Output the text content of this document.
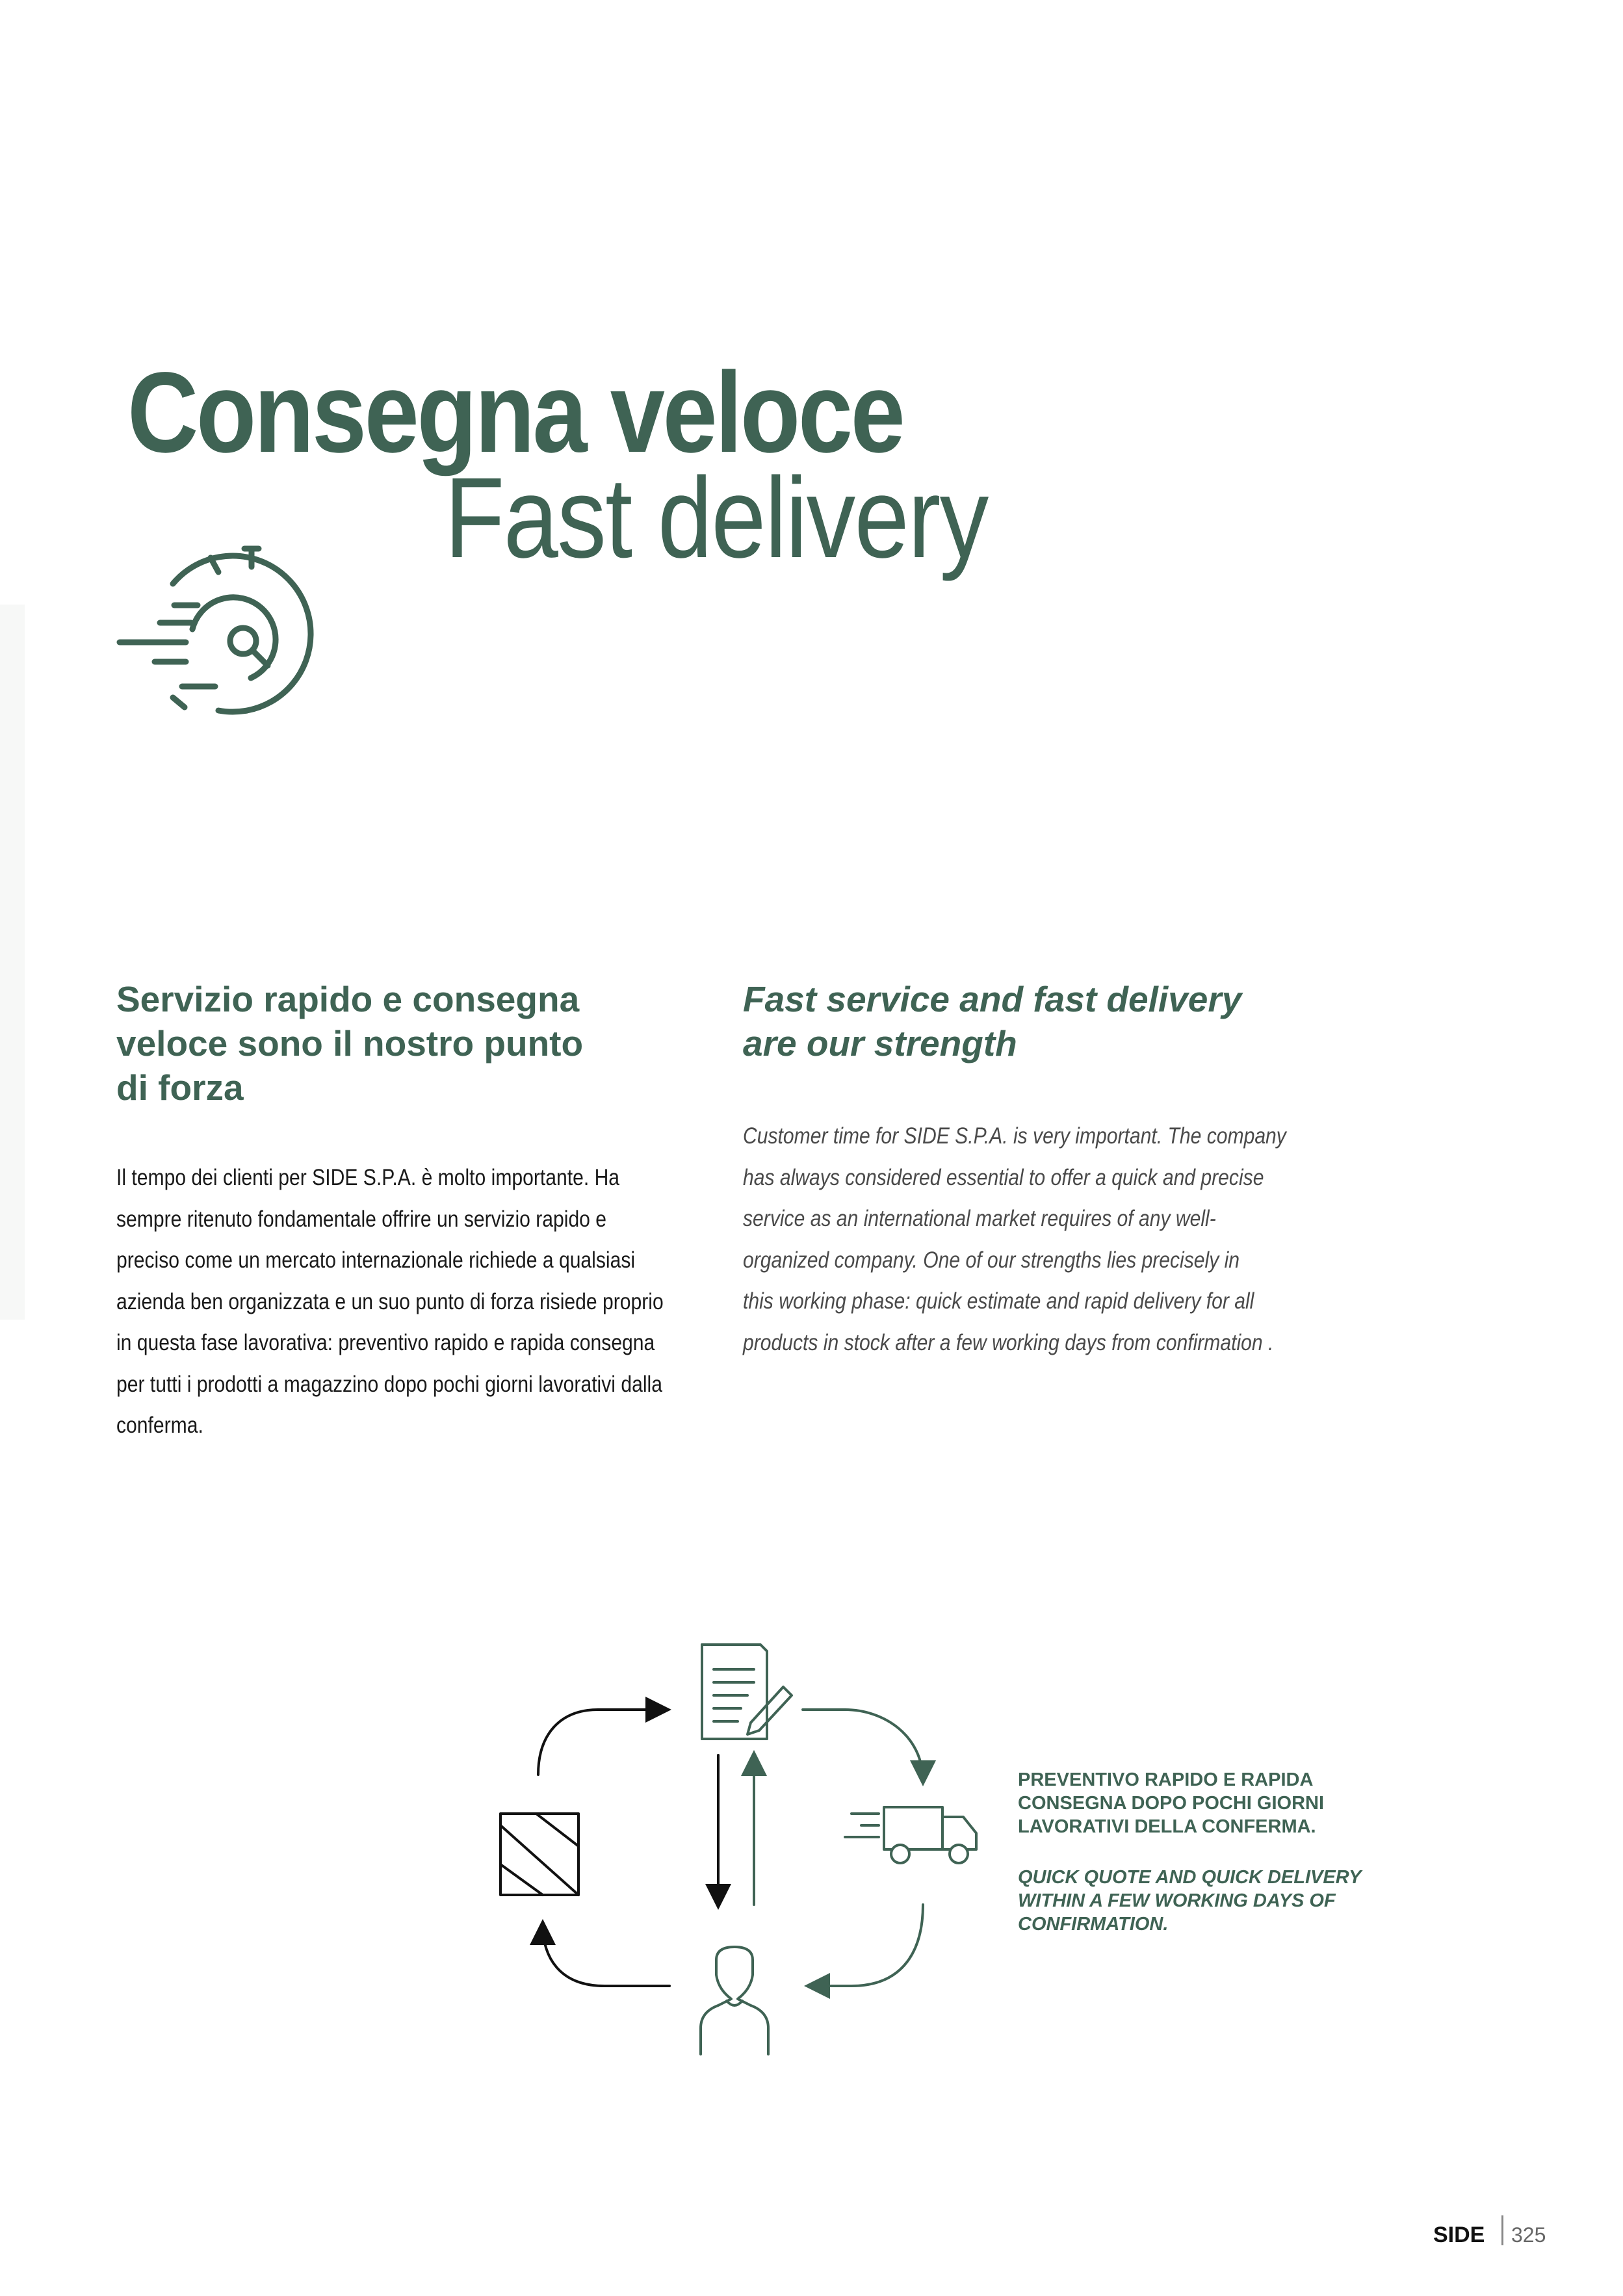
Consegna veloce
Fast delivery
Servizio rapido e consegna
veloce sono il nostro punto
di forza
Fast service and fast delivery
are our strength
Il tempo dei clienti per SIDE S.P.A. è molto importante. Ha
sempre ritenuto fondamentale offrire un servizio rapido e
preciso come un mercato internazionale richiede a qualsiasi
azienda ben organizzata e un suo punto di forza risiede proprio
in questa fase lavorativa: preventivo rapido e rapida consegna
per tutti i prodotti a magazzino dopo pochi giorni lavorativi dalla
conferma.
Customer time for SIDE S.P.A. is very important. The company
has always considered essential to offer a quick and precise
service as an international market requires of any well-
organized company. One of our strengths lies precisely in
this working phase: quick estimate and rapid delivery for all
products in stock after a few working days from confirmation .
PREVENTIVO RAPIDO E RAPIDA
CONSEGNA DOPO POCHI GIORNI
LAVORATIVI DELLA CONFERMA.
QUICK QUOTE AND QUICK DELIVERY
WITHIN A FEW WORKING DAYS OF
CONFIRMATION.
SIDE 325
